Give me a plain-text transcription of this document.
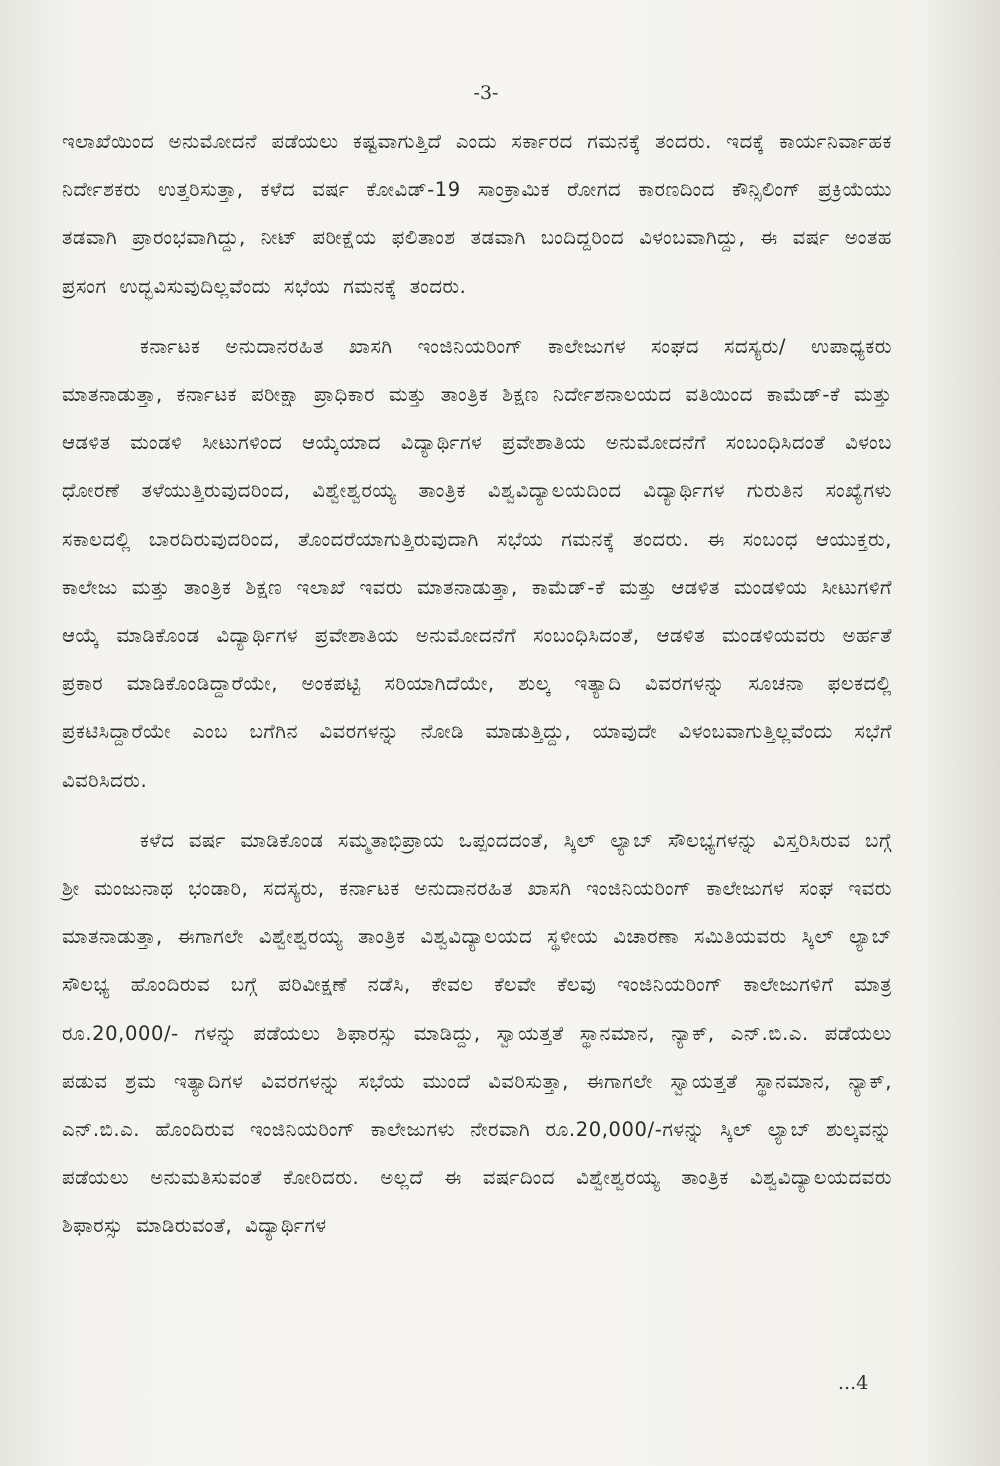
-3-

ಇಲಾಖೆಯಿಂದ ಅನುಮೋದನೆ ಪಡೆಯಲು ಕಷ್ಟವಾಗುತ್ತಿದೆ ಎಂದು ಸರ್ಕಾರದ ಗಮನಕ್ಕೆ ತಂದರು. ಇದಕ್ಕೆ ಕಾರ್ಯನಿರ್ವಾಹಕ ನಿರ್ದೇಶಕರು ಉತ್ತರಿಸುತ್ತಾ, ಕಳೆದ ವರ್ಷ ಕೋವಿಡ್-19 ಸಾಂಕ್ರಾಮಿಕ ರೋಗದ ಕಾರಣದಿಂದ ಕೌನ್ಸಿಲಿಂಗ್ ಪ್ರಕ್ರಿಯೆಯು ತಡವಾಗಿ ಪ್ರಾರಂಭವಾಗಿದ್ದು, ನೀಟ್ ಪರೀಕ್ಷೆಯ ಫಲಿತಾಂಶ ತಡವಾಗಿ ಬಂದಿದ್ದರಿಂದ ವಿಳಂಬವಾಗಿದ್ದು, ಈ ವರ್ಷ ಅಂತಹ ಪ್ರಸಂಗ ಉದ್ಭವಿಸುವುದಿಲ್ಲವೆಂದು ಸಭೆಯ ಗಮನಕ್ಕೆ ತಂದರು.

ಕರ್ನಾಟಕ ಅನುದಾನರಹಿತ ಖಾಸಗಿ ಇಂಜಿನಿಯರಿಂಗ್ ಕಾಲೇಜುಗಳ ಸಂಘದ ಸದಸ್ಯರು/ ಉಪಾಧ್ಯಕರು ಮಾತನಾಡುತ್ತಾ, ಕರ್ನಾಟಕ ಪರೀಕ್ಷಾ ಪ್ರಾಧಿಕಾರ ಮತ್ತು ತಾಂತ್ರಿಕ ಶಿಕ್ಷಣ ನಿರ್ದೇಶನಾಲಯದ ವತಿಯಿಂದ ಕಾಮೆಡ್-ಕೆ ಮತ್ತು ಆಡಳಿತ ಮಂಡಳಿ ಸೀಟುಗಳಿಂದ ಆಯ್ಕೆಯಾದ ವಿದ್ಯಾರ್ಥಿಗಳ ಪ್ರವೇಶಾತಿಯ ಅನುಮೋದನೆಗೆ ಸಂಬಂಧಿಸಿದಂತೆ ವಿಳಂಬ ಧೋರಣೆ ತಳೆಯುತ್ತಿರುವುದರಿಂದ, ವಿಶ್ವೇಶ್ವರಯ್ಯ ತಾಂತ್ರಿಕ ವಿಶ್ವವಿದ್ಯಾಲಯದಿಂದ ವಿದ್ಯಾರ್ಥಿಗಳ ಗುರುತಿನ ಸಂಖ್ಯೆಗಳು ಸಕಾಲದಲ್ಲಿ ಬಾರದಿರುವುದರಿಂದ, ತೊಂದರೆಯಾಗುತ್ತಿರುವುದಾಗಿ ಸಭೆಯ ಗಮನಕ್ಕೆ ತಂದರು. ಈ ಸಂಬಂಧ ಆಯುಕ್ತರು, ಕಾಲೇಜು ಮತ್ತು ತಾಂತ್ರಿಕ ಶಿಕ್ಷಣ ಇಲಾಖೆ ಇವರು ಮಾತನಾಡುತ್ತಾ, ಕಾಮೆಡ್-ಕೆ ಮತ್ತು ಆಡಳಿತ ಮಂಡಳಿಯ ಸೀಟುಗಳಿಗೆ ಆಯ್ಕೆ ಮಾಡಿಕೊಂಡ ವಿದ್ಯಾರ್ಥಿಗಳ ಪ್ರವೇಶಾತಿಯ ಅನುಮೋದನೆಗೆ ಸಂಬಂಧಿಸಿದಂತೆ, ಆಡಳಿತ ಮಂಡಳಿಯವರು ಅರ್ಹತೆ ಪ್ರಕಾರ ಮಾಡಿಕೊಂಡಿದ್ದಾರೆಯೇ, ಅಂಕಪಟ್ಟಿ ಸರಿಯಾಗಿದೆಯೇ, ಶುಲ್ಕ ಇತ್ಯಾದಿ ವಿವರಗಳನ್ನು ಸೂಚನಾ ಫಲಕದಲ್ಲಿ ಪ್ರಕಟಿಸಿದ್ದಾರೆಯೇ ಎಂಬ ಬಗೆಗಿನ ವಿವರಗಳನ್ನು ನೋಡಿ ಮಾಡುತ್ತಿದ್ದು, ಯಾವುದೇ ವಿಳಂಬವಾಗುತ್ತಿಲ್ಲವೆಂದು ಸಭೆಗೆ ವಿವರಿಸಿದರು.

ಕಳೆದ ವರ್ಷ ಮಾಡಿಕೊಂಡ ಸಮ್ಮತಾಭಿಪ್ರಾಯ ಒಪ್ಪಂದದಂತೆ, ಸ್ಕಿಲ್ ಲ್ಯಾಬ್ ಸೌಲಭ್ಯಗಳನ್ನು ವಿಸ್ತರಿಸಿರುವ ಬಗ್ಗೆ ಶ್ರೀ ಮಂಜುನಾಥ ಭಂಡಾರಿ, ಸದಸ್ಯರು, ಕರ್ನಾಟಕ ಅನುದಾನರಹಿತ ಖಾಸಗಿ ಇಂಜಿನಿಯರಿಂಗ್ ಕಾಲೇಜುಗಳ ಸಂಘ ಇವರು ಮಾತನಾಡುತ್ತಾ, ಈಗಾಗಲೇ ವಿಶ್ವೇಶ್ವರಯ್ಯ ತಾಂತ್ರಿಕ ವಿಶ್ವವಿದ್ಯಾಲಯದ ಸ್ಥಳೀಯ ವಿಚಾರಣಾ ಸಮಿತಿಯವರು ಸ್ಕಿಲ್ ಲ್ಯಾಬ್ ಸೌಲಭ್ಯ ಹೊಂದಿರುವ ಬಗ್ಗೆ ಪರಿವೀಕ್ಷಣೆ ನಡೆಸಿ, ಕೇವಲ ಕೆಲವೇ ಕೆಲವು ಇಂಜಿನಿಯರಿಂಗ್ ಕಾಲೇಜುಗಳಿಗೆ ಮಾತ್ರ ರೂ.20,000/- ಗಳನ್ನು ಪಡೆಯಲು ಶಿಫಾರಸ್ಸು ಮಾಡಿದ್ದು, ಸ್ವಾಯತ್ತತೆ ಸ್ಥಾನಮಾನ, ನ್ಯಾಕ್, ಎನ್.ಬಿ.ಎ. ಪಡೆಯಲು ಪಡುವ ಶ್ರಮ ಇತ್ಯಾದಿಗಳ ವಿವರಗಳನ್ನು ಸಭೆಯ ಮುಂದೆ ವಿವರಿಸುತ್ತಾ, ಈಗಾಗಲೇ ಸ್ವಾಯತ್ತತೆ ಸ್ಥಾನಮಾನ, ನ್ಯಾಕ್, ಎನ್.ಬಿ.ಎ. ಹೊಂದಿರುವ ಇಂಜಿನಿಯರಿಂಗ್ ಕಾಲೇಜುಗಳು ನೇರವಾಗಿ ರೂ.20,000/-ಗಳನ್ನು ಸ್ಕಿಲ್ ಲ್ಯಾಬ್ ಶುಲ್ಕವನ್ನು ಪಡೆಯಲು ಅನುಮತಿಸುವಂತೆ ಕೋರಿದರು. ಅಲ್ಲದೆ ಈ ವರ್ಷದಿಂದ ವಿಶ್ವೇಶ್ವರಯ್ಯ ತಾಂತ್ರಿಕ ವಿಶ್ವವಿದ್ಯಾಲಯದವರು ಶಿಫಾರಸ್ಸು ಮಾಡಿರುವಂತೆ, ವಿದ್ಯಾರ್ಥಿಗಳ

...4
